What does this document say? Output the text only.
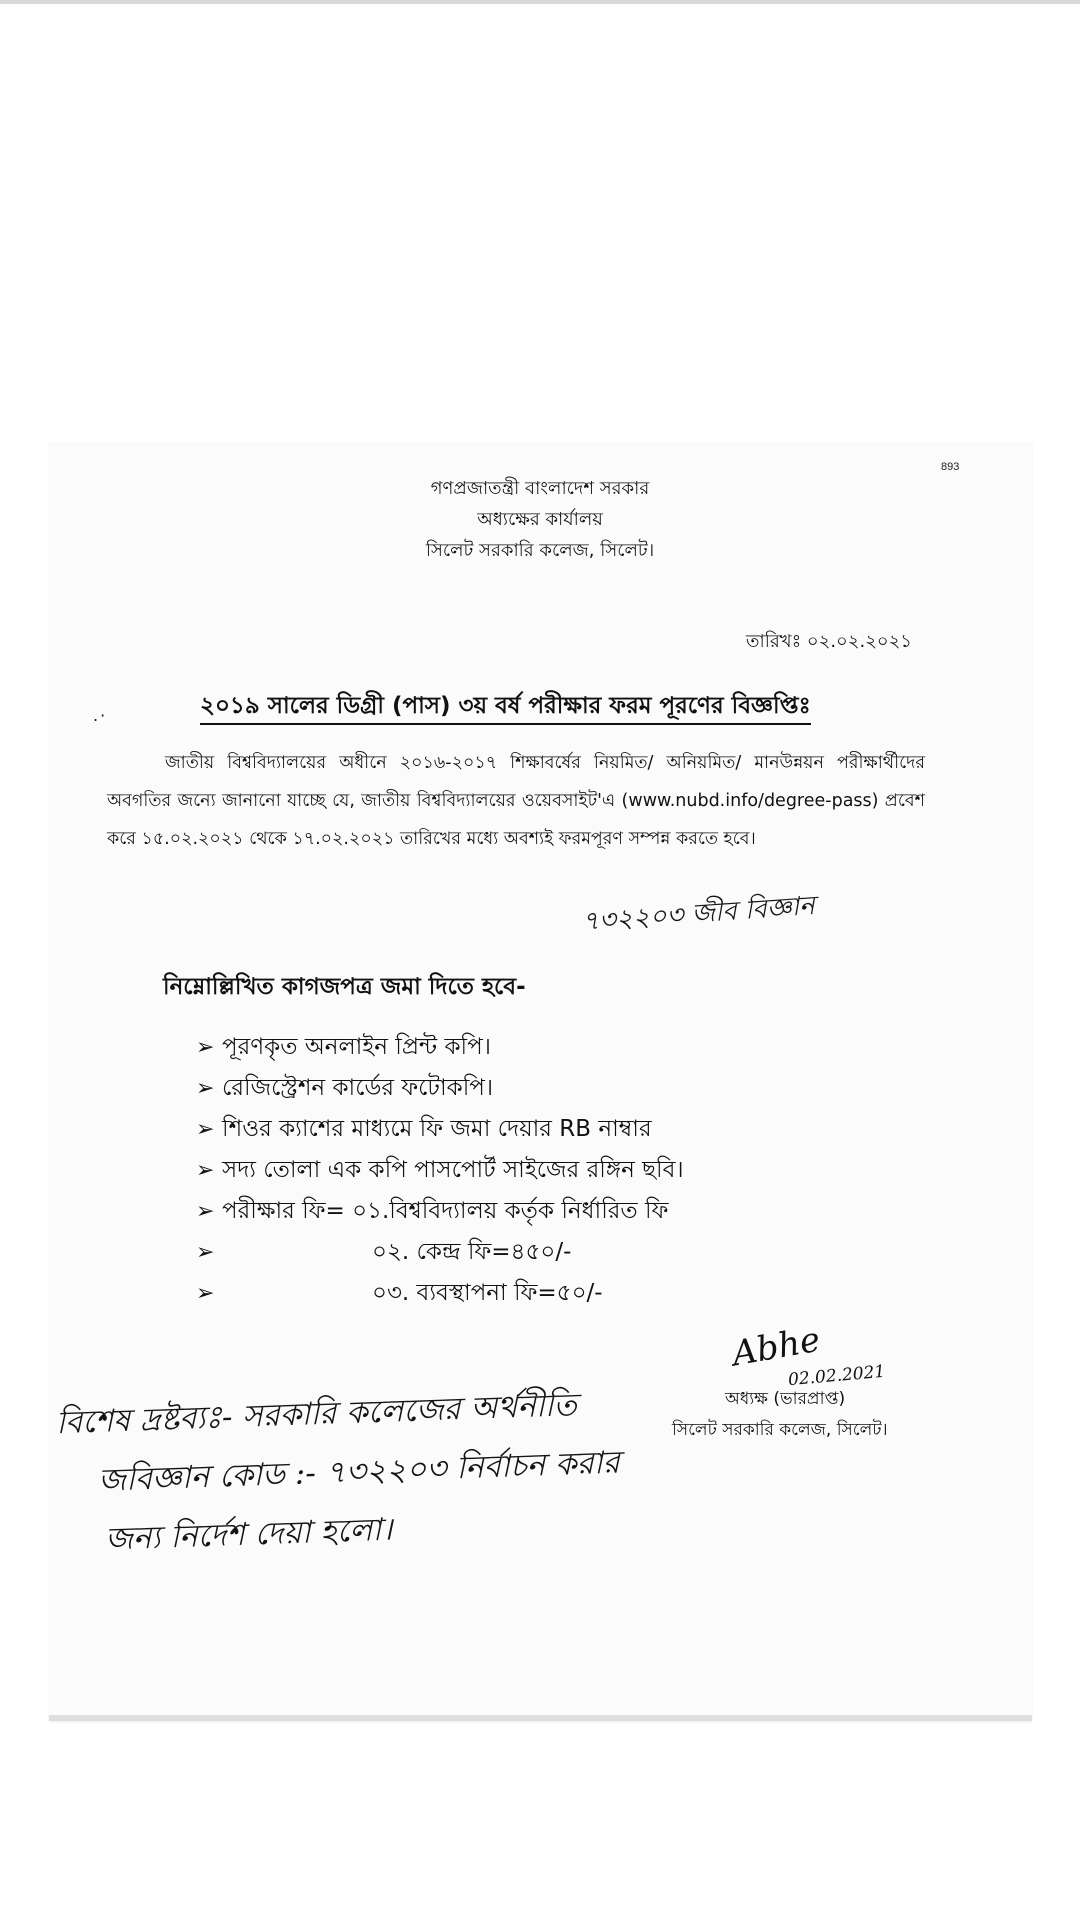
893
গণপ্রজাতন্ত্রী বাংলাদেশ সরকার
অধ্যক্ষের কার্যালয়
সিলেট সরকারি কলেজ, সিলেট।
তারিখঃ ০২.০২.২০২১
.·	২০১৯ সালের ডিগ্রী (পাস) ৩য় বর্ষ পরীক্ষার ফরম পূরণের বিজ্ঞপ্তিঃ
জাতীয় বিশ্ববিদ্যালয়ের অধীনে ২০১৬-২০১৭ শিক্ষাবর্ষের নিয়মিত/ অনিয়মিত/ মানউন্নয়ন পরীক্ষার্থীদের অবগতির জন্যে জানানো যাচ্ছে যে, জাতীয় বিশ্ববিদ্যালয়ের ওয়েবসাইট'এ (www.nubd.info/degree-pass) প্রবেশ করে ১৫.০২.২০২১ থেকে ১৭.০২.২০২১ তারিখের মধ্যে অবশ্যই ফরমপূরণ সম্পন্ন করতে হবে।
৭৩২২০৩ জীব বিজ্ঞান
নিম্নোল্লিখিত কাগজপত্র জমা দিতে হবে-
➢ পূরণকৃত অনলাইন প্রিন্ট কপি।
➢ রেজিস্ট্রেশন কার্ডের ফটোকপি।
➢ শিওর ক্যাশের মাধ্যমে ফি জমা দেয়ার RB নাম্বার
➢ সদ্য তোলা এক কপি পাসপোর্ট সাইজের রঙ্গিন ছবি।
➢ পরীক্ষার ফি= ০১.বিশ্ববিদ্যালয় কর্তৃক নির্ধারিত ফি
➢	০২. কেন্দ্র ফি=৪৫০/-
➢	০৩. ব্যবস্থাপনা ফি=৫০/-
Abhe
02.02.2021
অধ্যক্ষ (ভারপ্রাপ্ত)
সিলেট সরকারি কলেজ, সিলেট।
বিশেষ দ্রষ্টব্যঃ- সরকারি কলেজের অর্থনীতি
জবিজ্ঞান কোড :- ৭৩২২০৩ নির্বাচন করার
জন্য নির্দেশ দেয়া হলো।
